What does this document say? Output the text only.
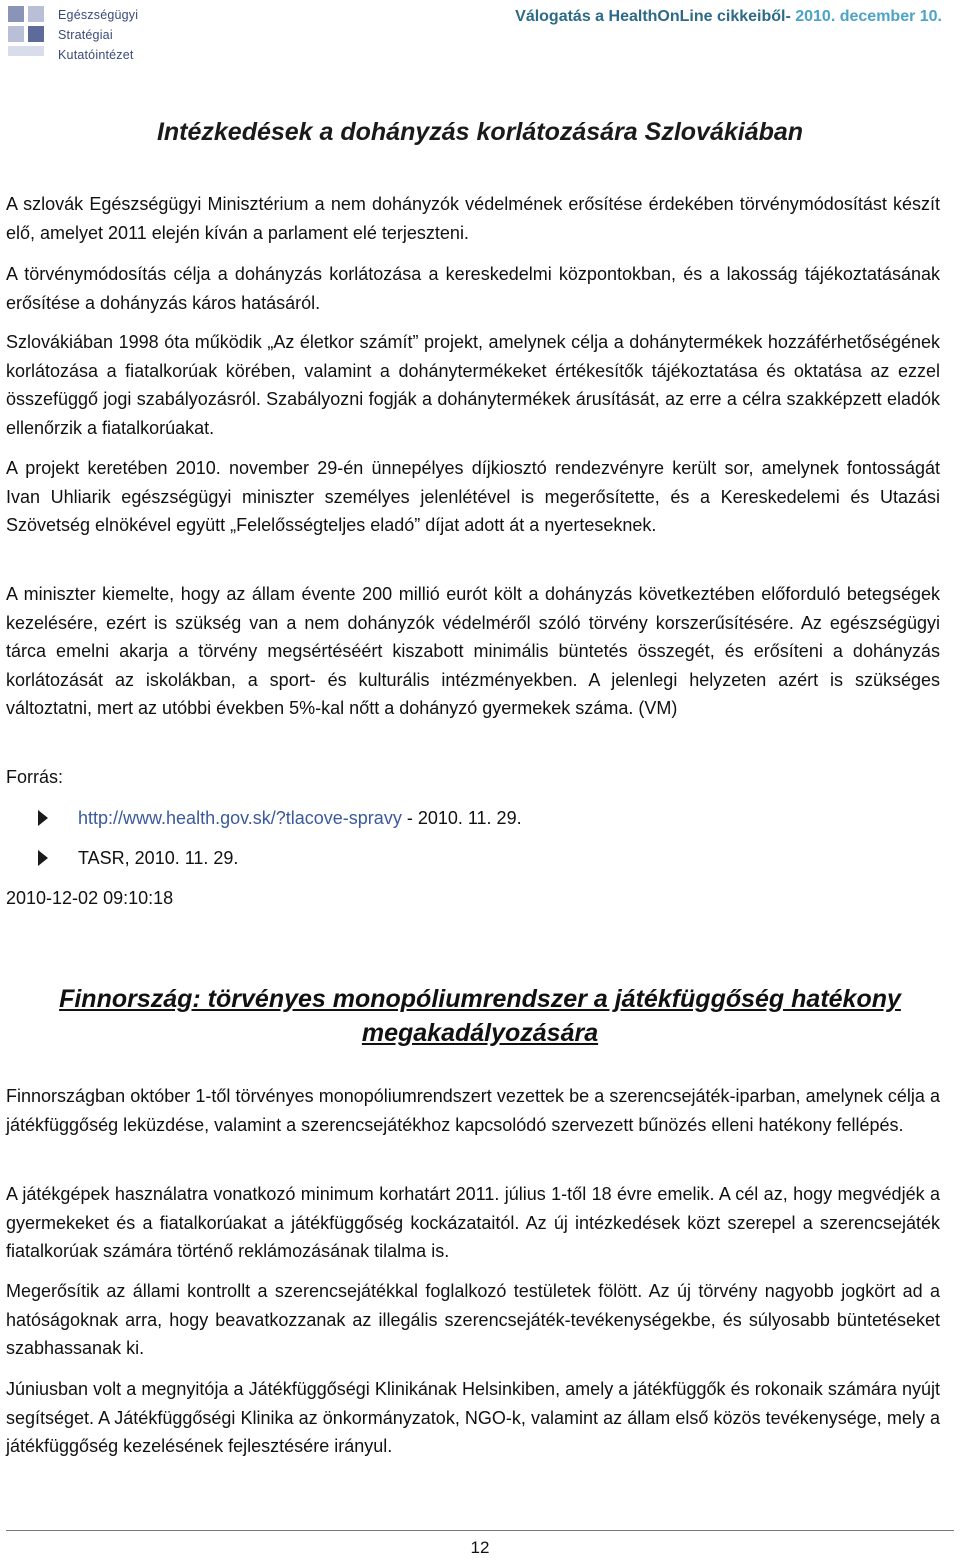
Egészségügyi
Stratégiai
Kutatóintézet
Válogatás a HealthOnLine cikkeiből- 2010. december 10.
Intézkedések a dohányzás korlátozására Szlovákiában

A szlovák Egészségügyi Minisztérium a nem dohányzók védelmének erősítése érdekében törvénymódosítást készít elő, amelyet 2011 elején kíván a parlament elé terjeszteni.

A törvénymódosítás célja a dohányzás korlátozása a kereskedelmi központokban, és a lakosság tájékoztatásának erősítése a dohányzás káros hatásáról.

Szlovákiában 1998 óta működik „Az életkor számít” projekt, amelynek célja a dohánytermékek hozzáférhetőségének korlátozása a fiatalkorúak körében, valamint a dohánytermékeket értékesítők tájékoztatása és oktatása az ezzel összefüggő jogi szabályozásról. Szabályozni fogják a dohánytermékek árusítását, az erre a célra szakképzett eladók ellenőrzik a fiatalkorúakat.

A projekt keretében 2010. november 29-én ünnepélyes díjkiosztó rendezvényre került sor, amelynek fontosságát Ivan Uhliarik egészségügyi miniszter személyes jelenlétével is megerősítette, és a Kereskedelemi és Utazási Szövetség elnökével együtt „Felelősségteljes eladó” díjat adott át a nyerteseknek.

A miniszter kiemelte, hogy az állam évente 200 millió eurót költ a dohányzás következtében előforduló betegségek kezelésére, ezért is szükség van a nem dohányzók védelméről szóló törvény korszerűsítésére. Az egészségügyi tárca emelni akarja a törvény megsértéséért kiszabott minimális büntetés összegét, és erősíteni a dohányzás korlátozását az iskolákban, a sport- és kulturális intézményekben. A jelenlegi helyzeten azért is szükséges változtatni, mert az utóbbi években 5%-kal nőtt a dohányzó gyermekek száma. (VM)

Forrás:
http://www.health.gov.sk/?tlacove-spravy - 2010. 11. 29.
TASR, 2010. 11. 29.
2010-12-02 09:10:18
Finnország: törvényes monopóliumrendszer a játékfüggőség hatékony
megakadályozására

Finnországban október 1-től törvényes monopóliumrendszert vezettek be a szerencsejáték-iparban, amelynek célja a játékfüggőség leküzdése, valamint a szerencsejátékhoz kapcsolódó szervezett bűnözés elleni hatékony fellépés.

A játékgépek használatra vonatkozó minimum korhatárt 2011. július 1-től 18 évre emelik. A cél az, hogy megvédjék a gyermekeket és a fiatalkorúakat a játékfüggőség kockázataitól. Az új intézkedések közt szerepel a szerencsejáték fiatalkorúak számára történő reklámozásának tilalma is.

Megerősítik az állami kontrollt a szerencsejátékkal foglalkozó testületek fölött. Az új törvény nagyobb jogkört ad a hatóságoknak arra, hogy beavatkozzanak az illegális szerencsejáték-tevékenységekbe, és súlyosabb büntetéseket szabhassanak ki.

Júniusban volt a megnyitója a Játékfüggőségi Klinikának Helsinkiben, amely a játékfüggők és rokonaik számára nyújt segítséget. A Játékfüggőségi Klinika az önkormányzatok, NGO-k, valamint az állam első közös tevékenysége, mely a játékfüggőség kezelésének fejlesztésére irányul.

12
